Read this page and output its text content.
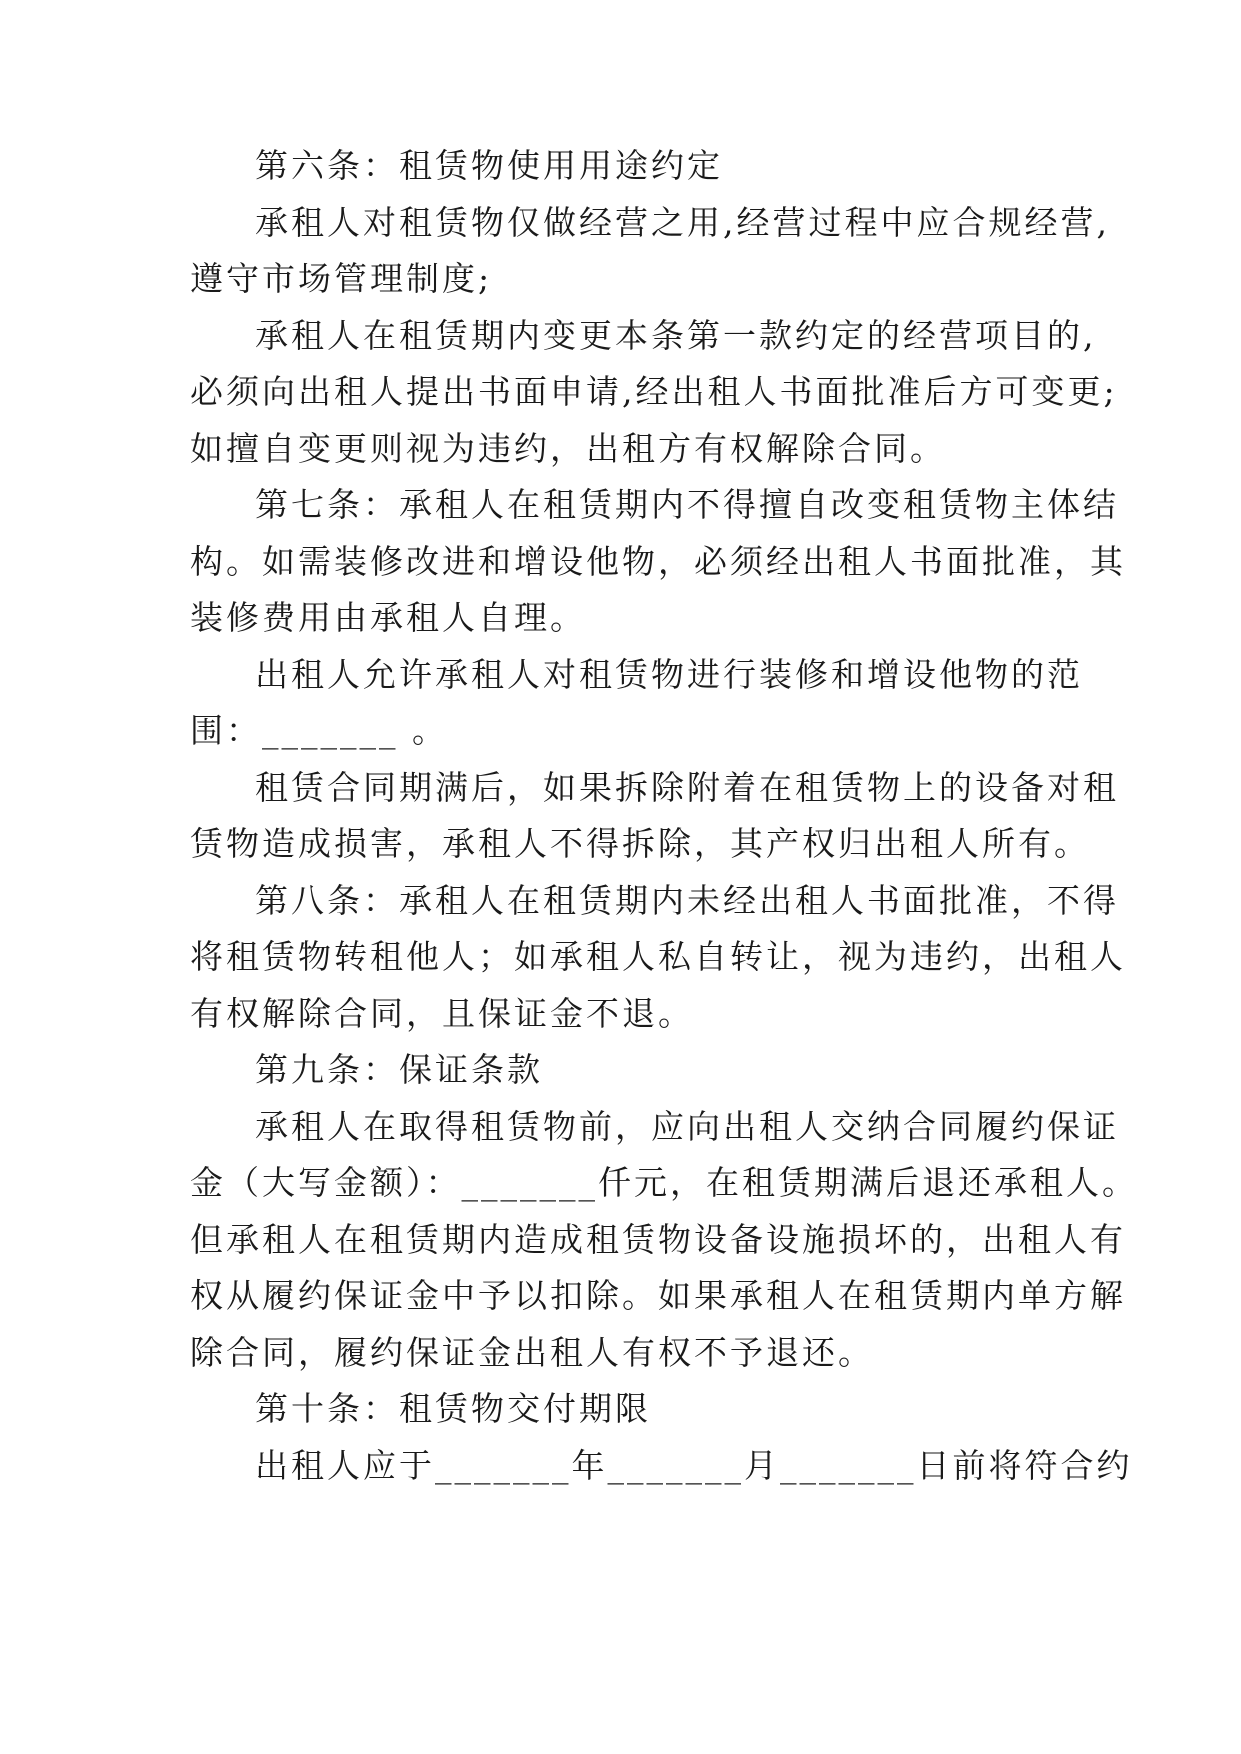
第六条：租赁物使用用途约定
承租人对租赁物仅做经营之用,经营过程中应合规经营,
遵守市场管理制度;
承租人在租赁期内变更本条第一款约定的经营项目的,
必须向出租人提出书面申请,经出租人书面批准后方可变更;
如擅自变更则视为违约，出租方有权解除合同。
第七条：承租人在租赁期内不得擅自改变租赁物主体结
构。如需装修改进和增设他物，必须经出租人书面批准，其
装修费用由承租人自理。
出租人允许承租人对租赁物进行装修和增设他物的范
围：_______ 。
租赁合同期满后，如果拆除附着在租赁物上的设备对租
赁物造成损害，承租人不得拆除，其产权归出租人所有。
第八条：承租人在租赁期内未经出租人书面批准，不得
将租赁物转租他人；如承租人私自转让，视为违约，出租人
有权解除合同，且保证金不退。
第九条：保证条款
承租人在取得租赁物前，应向出租人交纳合同履约保证
金（大写金额）：_______仟元，在租赁期满后退还承租人。
但承租人在租赁期内造成租赁物设备设施损坏的，出租人有
权从履约保证金中予以扣除。如果承租人在租赁期内单方解
除合同，履约保证金出租人有权不予退还。
第十条：租赁物交付期限
出租人应于_______年_______月_______日前将符合约
